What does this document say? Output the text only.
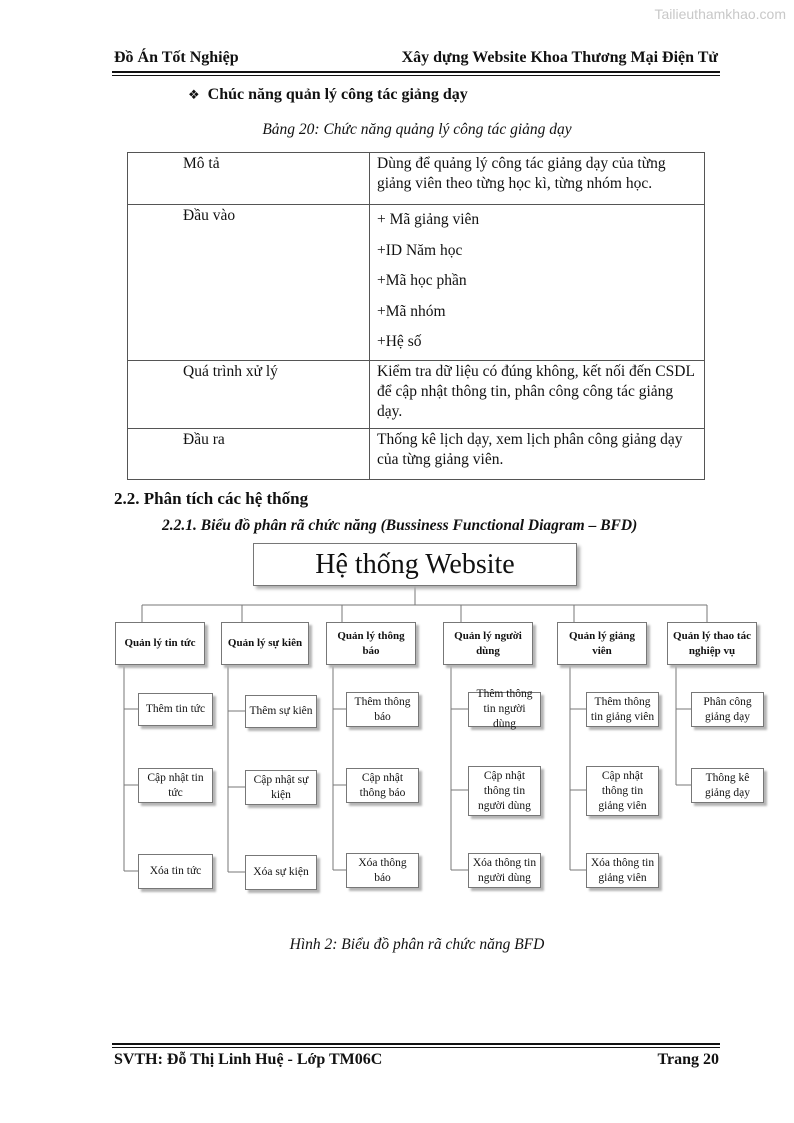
Tailieuthamkhao.com
Đồ Án Tốt Nghiệp	Xây dựng Website Khoa Thương Mại Điện Tử
❖ Chúc năng quản lý công tác giảng dạy
Bảng 20: Chức năng quảng lý công tác giảng dạy
Mô tả	Dùng để quảng lý công tác giảng dạy của từng giảng viên theo từng học kì, từng nhóm học.
Đầu vào	+ Mã giảng viên
+ID Năm học
+Mã học phần
+Mã nhóm
+Hệ số

Quá trình xử lý	Kiểm tra dữ liệu có đúng không, kết nối đến CSDL để cập nhật thông tin, phân công công tác giảng dạy.
Đầu ra	Thống kê lịch dạy, xem lịch phân công giảng dạy của từng giảng viên.
2.2. Phân tích các hệ thống
2.2.1. Biểu đồ phân rã chức năng (Bussiness Functional Diagram – BFD)
Hệ thống Website
Quản lý tin tức	Quản lý sự kiên
Quản lý thông báo
Quản lý người dùng
Quản lý giảng viên
Quản lý thao tác nghiệp vụ
Thêm tin tức
Cập nhật tin tức
Xóa tin tức
Thêm sự kiên
Cập nhật sự kiện
Xóa sự kiện
Thêm thông báo
Cập nhật thông báo
Xóa thông báo
Thêm thông tin người dùng
Cập nhật thông tin người dùng
Xóa thông tin người dùng
Thêm thông tin giảng viên
Cập nhật thông tin giảng viên
Xóa thông tin giảng viên
Phân công giảng dạy
Thông kê giảng dạy
Hình 2: Biểu đồ phân rã chức năng BFD
SVTH: Đỗ Thị Linh Huệ - Lớp TM06C	Trang 20
